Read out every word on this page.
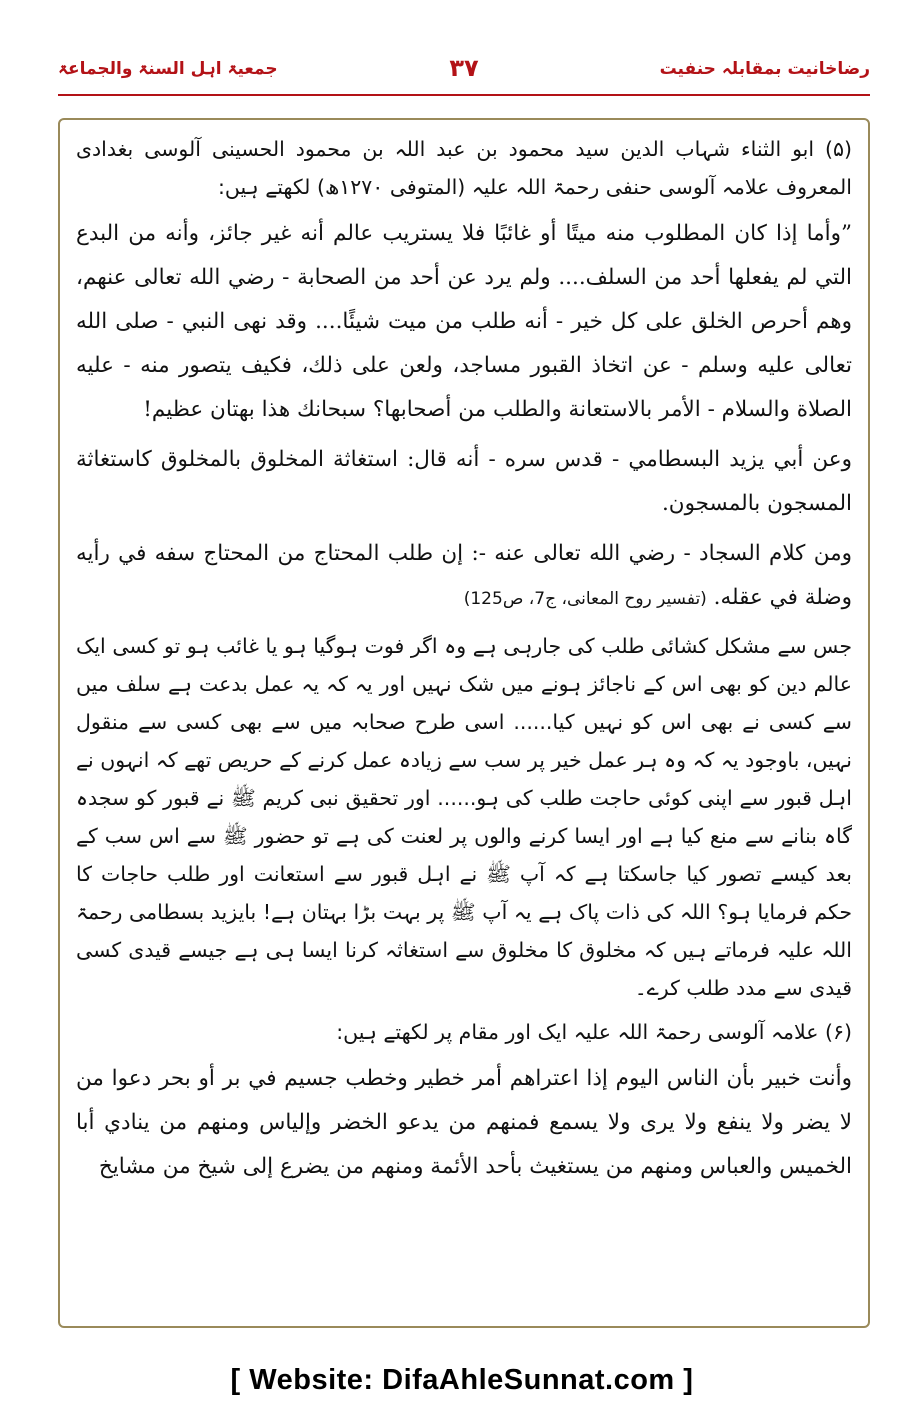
رضاخانیت بمقابلہ حنفیت
۳۷
جمعیۃ اہل السنۃ والجماعۃ

(۵) ابو الثناء شہاب الدین سید محمود بن عبد اللہ بن محمود الحسینی آلوسی بغدادی المعروف علامہ آلوسی حنفی رحمۃ اللہ علیہ (المتوفی ۱۲۷۰ھ) لکھتے ہیں:

”وأما إذا كان المطلوب منه ميتًا أو غائبًا فلا يستريب عالم أنه غير جائز، وأنه من البدع التي لم يفعلها أحد من السلف.... ولم يرد عن أحد من الصحابة - رضي الله تعالى عنهم، وهم أحرص الخلق على كل خير - أنه طلب من ميت شيئًا.... وقد نهى النبي - صلى الله تعالى عليه وسلم - عن اتخاذ القبور مساجد، ولعن على ذلك، فكيف يتصور منه - عليه الصلاة والسلام - الأمر بالاستعانة والطلب من أصحابها؟ سبحانك هذا بهتان عظيم!

وعن أبي يزيد البسطامي - قدس سره - أنه قال: استغاثة المخلوق بالمخلوق كاستغاثة المسجون بالمسجون.

ومن كلام السجاد - رضي الله تعالى عنه -: إن طلب المحتاج من المحتاج سفه في رأيه وضلة في عقله. (تفسیر روح المعانی، ج7، ص125)

جس سے مشکل کشائی طلب کی جارہی ہے وہ اگر فوت ہوگیا ہو یا غائب ہو تو کسی ایک عالم دین کو بھی اس کے ناجائز ہونے میں شک نہیں اور یہ کہ یہ عمل بدعت ہے سلف میں سے کسی نے بھی اس کو نہیں کیا...... اسی طرح صحابہ میں سے بھی کسی سے منقول نہیں، باوجود یہ کہ وہ ہر عمل خیر پر سب سے زیادہ عمل کرنے کے حریص تھے کہ انہوں نے اہل قبور سے اپنی کوئی حاجت طلب کی ہو...... اور تحقیق نبی کریم ﷺ نے قبور کو سجدہ گاہ بنانے سے منع کیا ہے اور ایسا کرنے والوں پر لعنت کی ہے تو حضور ﷺ سے اس سب کے بعد کیسے تصور کیا جاسکتا ہے کہ آپ ﷺ نے اہل قبور سے استعانت اور طلب حاجات کا حکم فرمایا ہو؟ اللہ کی ذات پاک ہے یہ آپ ﷺ پر بہت بڑا بہتان ہے! بایزید بسطامی رحمۃ اللہ علیہ فرماتے ہیں کہ مخلوق کا مخلوق سے استغاثہ کرنا ایسا ہی ہے جیسے قیدی کسی قیدی سے مدد طلب کرے۔

(۶) علامہ آلوسی رحمۃ اللہ علیہ ایک اور مقام پر لکھتے ہیں:

وأنت خبير بأن الناس اليوم إذا اعتراهم أمر خطير وخطب جسيم في بر أو بحر دعوا من لا يضر ولا ينفع ولا يرى ولا يسمع فمنهم من يدعو الخضر وإلياس ومنهم من ينادي أبا الخميس والعباس ومنهم من يستغيث بأحد الأئمة ومنهم من يضرع إلى شيخ من مشايخ

[ Website: DifaAhleSunnat.com ]
